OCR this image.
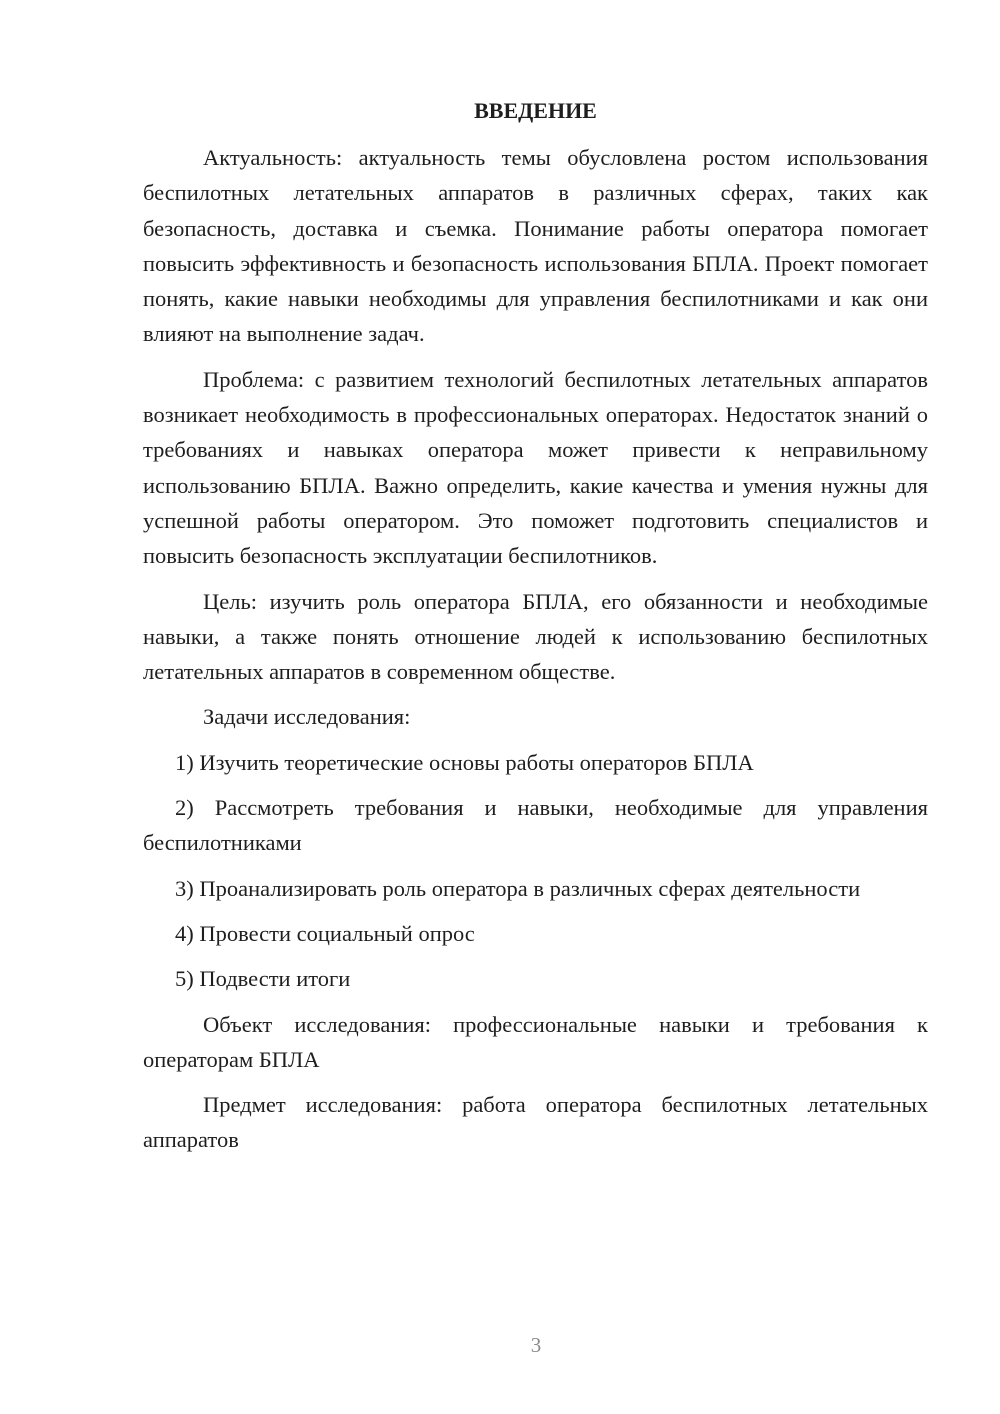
ВВЕДЕНИЕ

Актуальность: актуальность темы обусловлена ростом использования беспилотных летательных аппаратов в различных сферах, таких как безопасность, доставка и съемка. Понимание работы оператора помогает повысить эффективность и безопасность использования БПЛА. Проект помогает понять, какие навыки необходимы для управления беспилотниками и как они влияют на выполнение задач.

Проблема: с развитием технологий беспилотных летательных аппаратов возникает необходимость в профессиональных операторах. Недостаток знаний о требованиях и навыках оператора может привести к неправильному использованию БПЛА. Важно определить, какие качества и умения нужны для успешной работы оператором. Это поможет подготовить специалистов и повысить безопасность эксплуатации беспилотников.

Цель: изучить роль оператора БПЛА, его обязанности и необходимые навыки, а также понять отношение людей к использованию беспилотных летательных аппаратов в современном обществе.

Задачи исследования:

1) Изучить теоретические основы работы операторов БПЛА

2) Рассмотреть требования и навыки, необходимые для управления беспилотниками

3) Проанализировать роль оператора в различных сферах деятельности

4) Провести социальный опрос

5) Подвести итоги

Объект исследования: профессиональные навыки и требования к операторам БПЛА

Предмет исследования: работа оператора беспилотных летательных аппаратов

3
